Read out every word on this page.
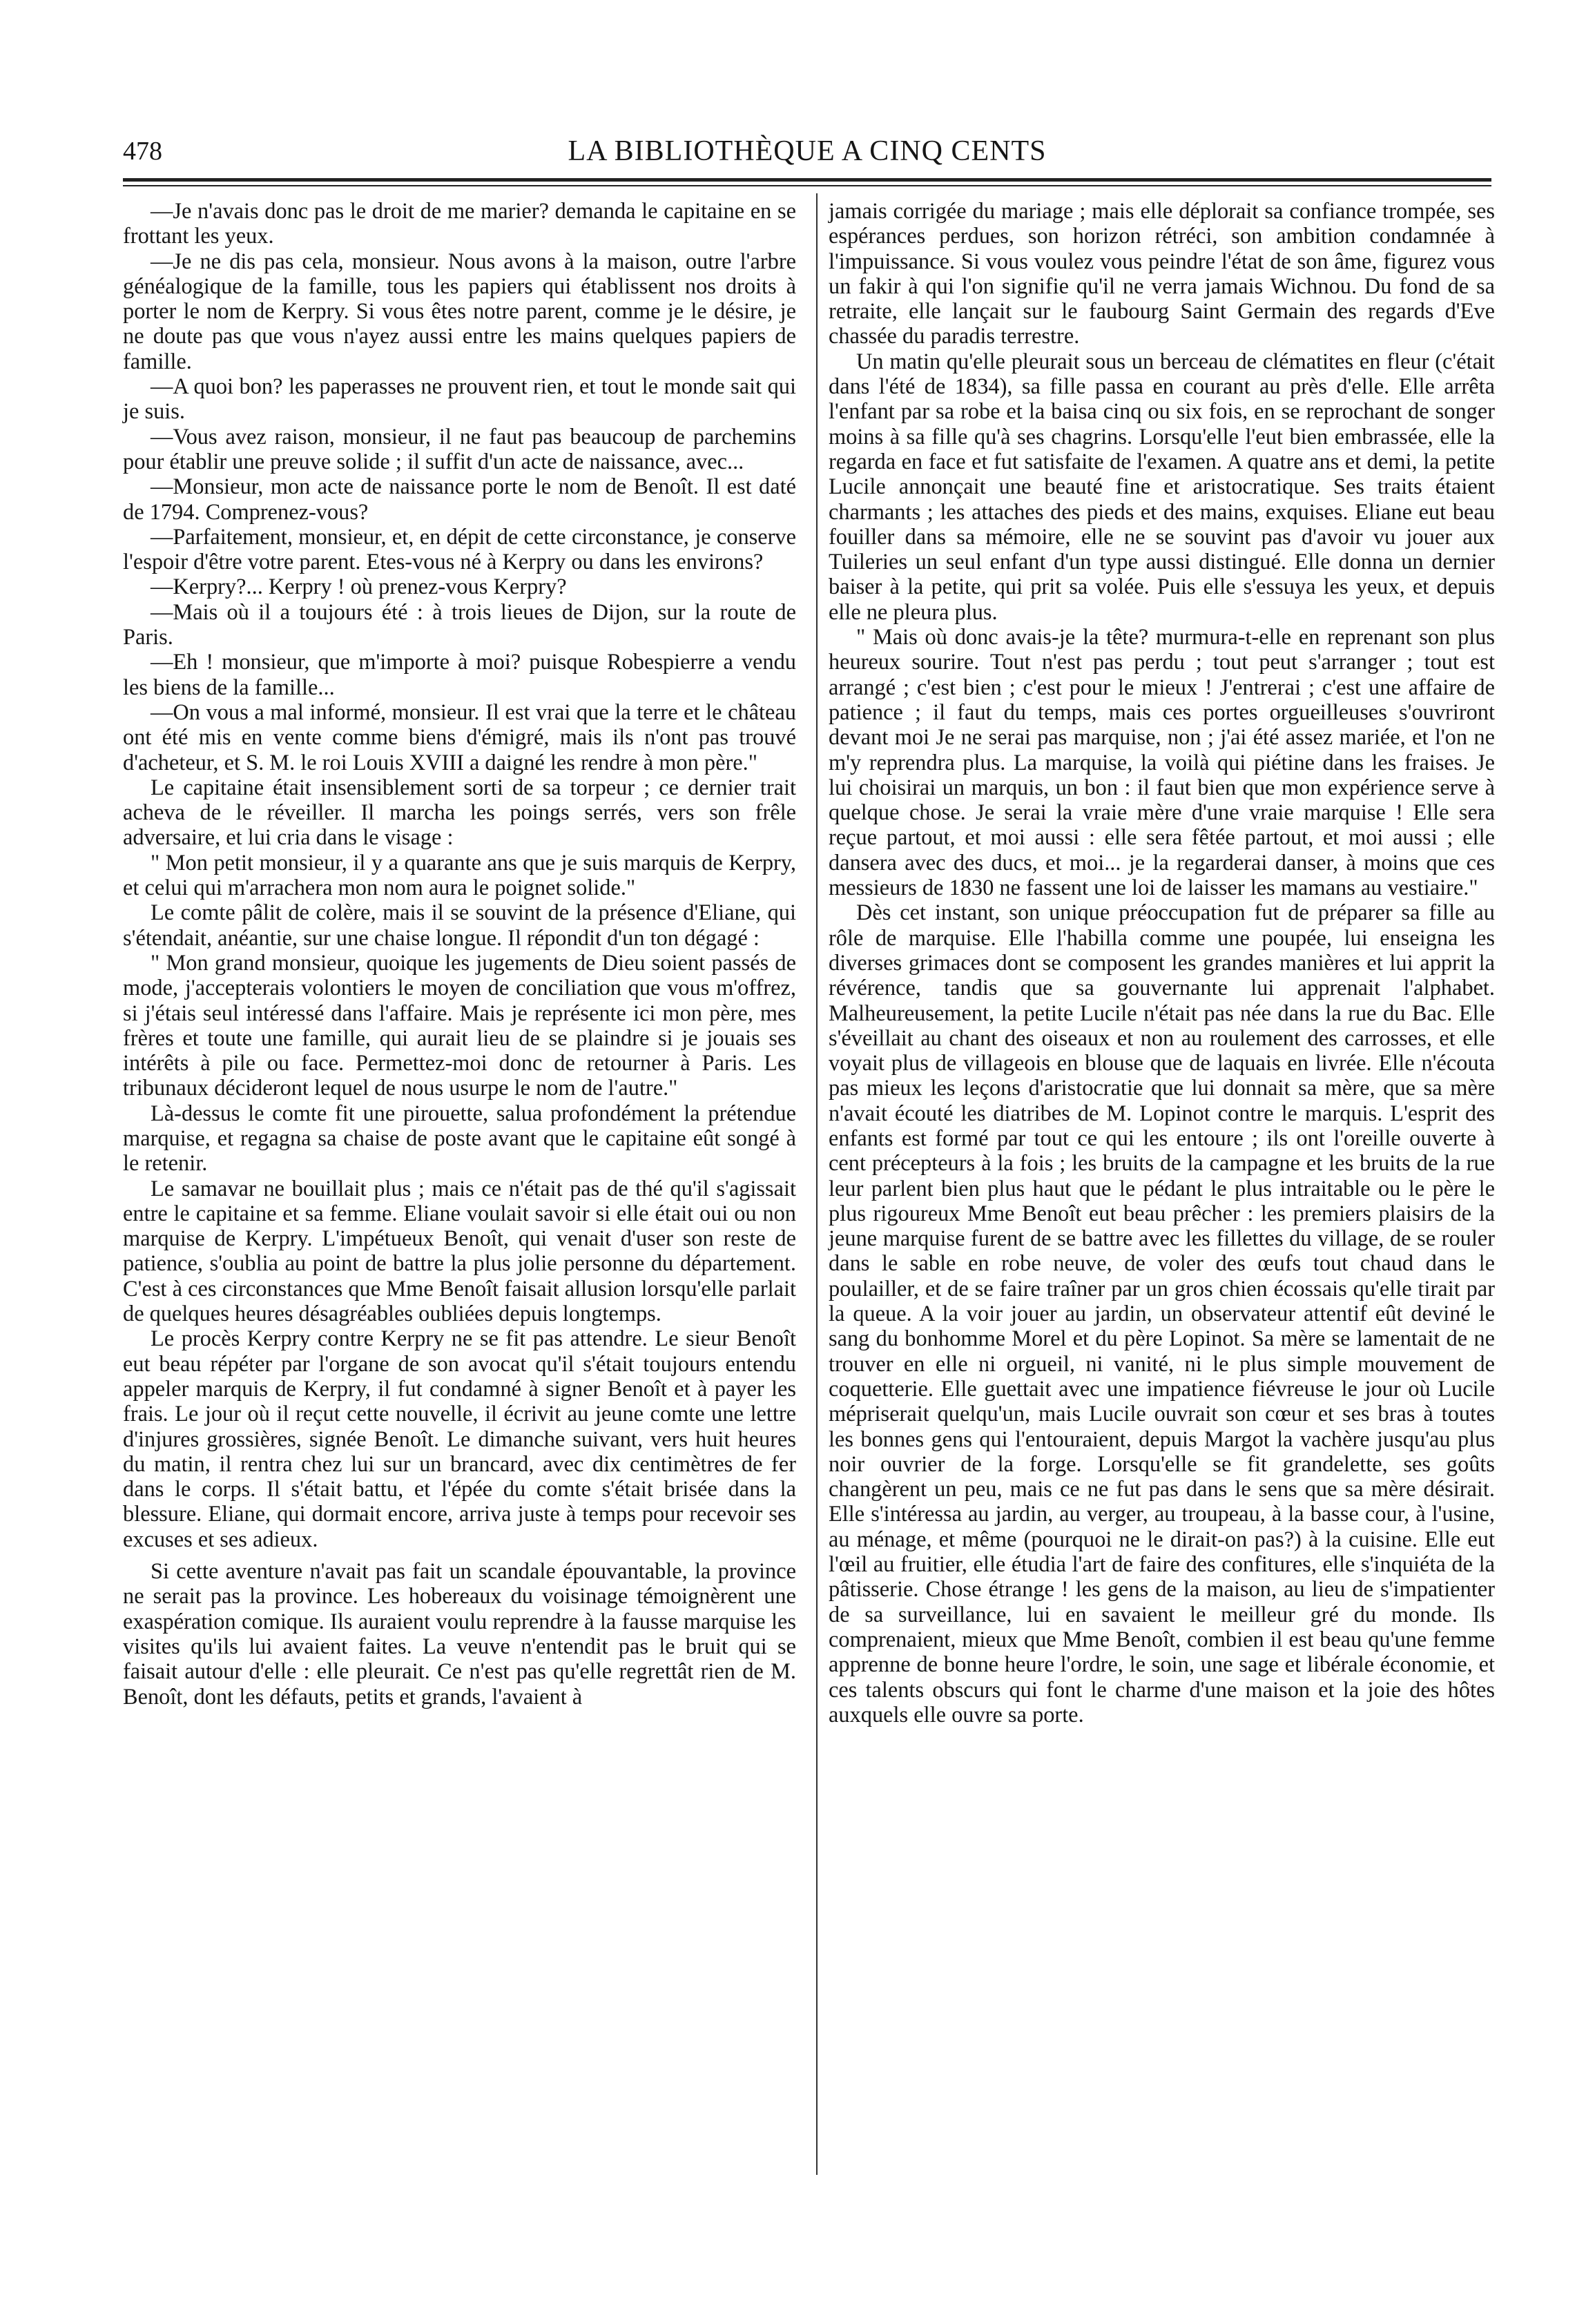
478	LA BIBLIOTHÈQUE A CINQ CENTS

—Je n'avais donc pas le droit de me marier? demanda le capitaine en se frottant les yeux.

—Je ne dis pas cela, monsieur. Nous avons à la maison, outre l'arbre généalogique de la famille, tous les papiers qui établissent nos droits à porter le nom de Kerpry. Si vous êtes notre parent, comme je le désire, je ne doute pas que vous n'ayez aussi entre les mains quelques papiers de famille.

—A quoi bon? les paperasses ne prouvent rien, et tout le monde sait qui je suis.

—Vous avez raison, monsieur, il ne faut pas beaucoup de parchemins pour établir une preuve solide ; il suffit d'un acte de naissance, avec...

—Monsieur, mon acte de naissance porte le nom de Benoît. Il est daté de 1794. Comprenez-vous?

—Parfaitement, monsieur, et, en dépit de cette circonstance, je conserve l'espoir d'être votre parent. Etes-vous né à Kerpry ou dans les environs?

—Kerpry?... Kerpry ! où prenez-vous Kerpry?

—Mais où il a toujours été : à trois lieues de Dijon, sur la route de Paris.

—Eh ! monsieur, que m'importe à moi? puisque Robespierre a vendu les biens de la famille...

—On vous a mal informé, monsieur. Il est vrai que la terre et le château ont été mis en vente comme biens d'émigré, mais ils n'ont pas trouvé d'acheteur, et S. M. le roi Louis XVIII a daigné les rendre à mon père."

Le capitaine était insensiblement sorti de sa torpeur ; ce dernier trait acheva de le réveiller. Il marcha les poings serrés, vers son frêle adversaire, et lui cria dans le visage :

" Mon petit monsieur, il y a quarante ans que je suis marquis de Kerpry, et celui qui m'arrachera mon nom aura le poignet solide."

Le comte pâlit de colère, mais il se souvint de la présence d'Eliane, qui s'étendait, anéantie, sur une chaise longue. Il répondit d'un ton dégagé :

" Mon grand monsieur, quoique les jugements de Dieu soient passés de mode, j'accepterais volontiers le moyen de conciliation que vous m'offrez, si j'étais seul intéressé dans l'affaire. Mais je représente ici mon père, mes frères et toute une famille, qui aurait lieu de se plaindre si je jouais ses intérêts à pile ou face. Permettez-moi donc de retourner à Paris. Les tribunaux décideront lequel de nous usurpe le nom de l'autre."

Là-dessus le comte fit une pirouette, salua profondément la prétendue marquise, et regagna sa chaise de poste avant que le capitaine eût songé à le retenir.

Le samavar ne bouillait plus ; mais ce n'était pas de thé qu'il s'agissait entre le capitaine et sa femme. Eliane voulait savoir si elle était oui ou non marquise de Kerpry. L'impétueux Benoît, qui venait d'user son reste de patience, s'oublia au point de battre la plus jolie personne du département. C'est à ces circonstances que Mme Benoît faisait allusion lorsqu'elle parlait de quelques heures désagréables oubliées depuis longtemps.

Le procès Kerpry contre Kerpry ne se fit pas attendre. Le sieur Benoît eut beau répéter par l'organe de son avocat qu'il s'était toujours entendu appeler marquis de Kerpry, il fut condamné à signer Benoît et à payer les frais. Le jour où il reçut cette nouvelle, il écrivit au jeune comte une lettre d'injures grossières, signée Benoît. Le dimanche suivant, vers huit heures du matin, il rentra chez lui sur un brancard, avec dix centimètres de fer dans le corps. Il s'était battu, et l'épée du comte s'était brisée dans la blessure. Eliane, qui dormait encore, arriva juste à temps pour recevoir ses excuses et ses adieux.

Si cette aventure n'avait pas fait un scandale épouvantable, la province ne serait pas la province. Les hobereaux du voisinage témoignèrent une exaspération comique. Ils auraient voulu reprendre à la fausse marquise les visites qu'ils lui avaient faites. La veuve n'entendit pas le bruit qui se faisait autour d'elle : elle pleurait. Ce n'est pas qu'elle regrettât rien de M. Benoît, dont les défauts, petits et grands, l'avaient à

jamais corrigée du mariage ; mais elle déplorait sa confiance trompée, ses espérances perdues, son horizon rétréci, son ambition condamnée à l'impuissance. Si vous voulez vous peindre l'état de son âme, figurez vous un fakir à qui l'on signifie qu'il ne verra jamais Wichnou. Du fond de sa retraite, elle lançait sur le faubourg Saint Germain des regards d'Eve chassée du paradis terrestre.

Un matin qu'elle pleurait sous un berceau de clématites en fleur (c'était dans l'été de 1834), sa fille passa en courant au près d'elle. Elle arrêta l'enfant par sa robe et la baisa cinq ou six fois, en se reprochant de songer moins à sa fille qu'à ses chagrins. Lorsqu'elle l'eut bien embrassée, elle la regarda en face et fut satisfaite de l'examen. A quatre ans et demi, la petite Lucile annonçait une beauté fine et aristocratique. Ses traits étaient charmants ; les attaches des pieds et des mains, exquises. Eliane eut beau fouiller dans sa mémoire, elle ne se souvint pas d'avoir vu jouer aux Tuileries un seul enfant d'un type aussi distingué. Elle donna un dernier baiser à la petite, qui prit sa volée. Puis elle s'essuya les yeux, et depuis elle ne pleura plus.

" Mais où donc avais-je la tête? murmura-t-elle en reprenant son plus heureux sourire. Tout n'est pas perdu ; tout peut s'arranger ; tout est arrangé ; c'est bien ; c'est pour le mieux ! J'entrerai ; c'est une affaire de patience ; il faut du temps, mais ces portes orgueilleuses s'ouvriront devant moi Je ne serai pas marquise, non ; j'ai été assez mariée, et l'on ne m'y reprendra plus. La marquise, la voilà qui piétine dans les fraises. Je lui choisirai un marquis, un bon : il faut bien que mon expérience serve à quelque chose. Je serai la vraie mère d'une vraie marquise ! Elle sera reçue partout, et moi aussi : elle sera fêtée partout, et moi aussi ; elle dansera avec des ducs, et moi... je la regarderai danser, à moins que ces messieurs de 1830 ne fassent une loi de laisser les mamans au vestiaire."

Dès cet instant, son unique préoccupation fut de préparer sa fille au rôle de marquise. Elle l'habilla comme une poupée, lui enseigna les diverses grimaces dont se composent les grandes manières et lui apprit la révérence, tandis que sa gouvernante lui apprenait l'alphabet. Malheureusement, la petite Lucile n'était pas née dans la rue du Bac. Elle s'éveillait au chant des oiseaux et non au roulement des carrosses, et elle voyait plus de villageois en blouse que de laquais en livrée. Elle n'écouta pas mieux les leçons d'aristocratie que lui donnait sa mère, que sa mère n'avait écouté les diatribes de M. Lopinot contre le marquis. L'esprit des enfants est formé par tout ce qui les entoure ; ils ont l'oreille ouverte à cent précepteurs à la fois ; les bruits de la campagne et les bruits de la rue leur parlent bien plus haut que le pédant le plus intraitable ou le père le plus rigoureux Mme Benoît eut beau prêcher : les premiers plaisirs de la jeune marquise furent de se battre avec les fillettes du village, de se rouler dans le sable en robe neuve, de voler des œufs tout chaud dans le poulailler, et de se faire traîner par un gros chien écossais qu'elle tirait par la queue. A la voir jouer au jardin, un observateur attentif eût deviné le sang du bonhomme Morel et du père Lopinot. Sa mère se lamentait de ne trouver en elle ni orgueil, ni vanité, ni le plus simple mouvement de coquetterie. Elle guettait avec une impatience fiévreuse le jour où Lucile mépriserait quelqu'un, mais Lucile ouvrait son cœur et ses bras à toutes les bonnes gens qui l'entouraient, depuis Margot la vachère jusqu'au plus noir ouvrier de la forge. Lorsqu'elle se fit grandelette, ses goûts changèrent un peu, mais ce ne fut pas dans le sens que sa mère désirait. Elle s'intéressa au jardin, au verger, au troupeau, à la basse cour, à l'usine, au ménage, et même (pourquoi ne le dirait-on pas?) à la cuisine. Elle eut l'œil au fruitier, elle étudia l'art de faire des confitures, elle s'inquiéta de la pâtisserie. Chose étrange ! les gens de la maison, au lieu de s'impatienter de sa surveillance, lui en savaient le meilleur gré du monde. Ils comprenaient, mieux que Mme Benoît, combien il est beau qu'une femme apprenne de bonne heure l'ordre, le soin, une sage et libérale économie, et ces talents obscurs qui font le charme d'une maison et la joie des hôtes auxquels elle ouvre sa porte.
